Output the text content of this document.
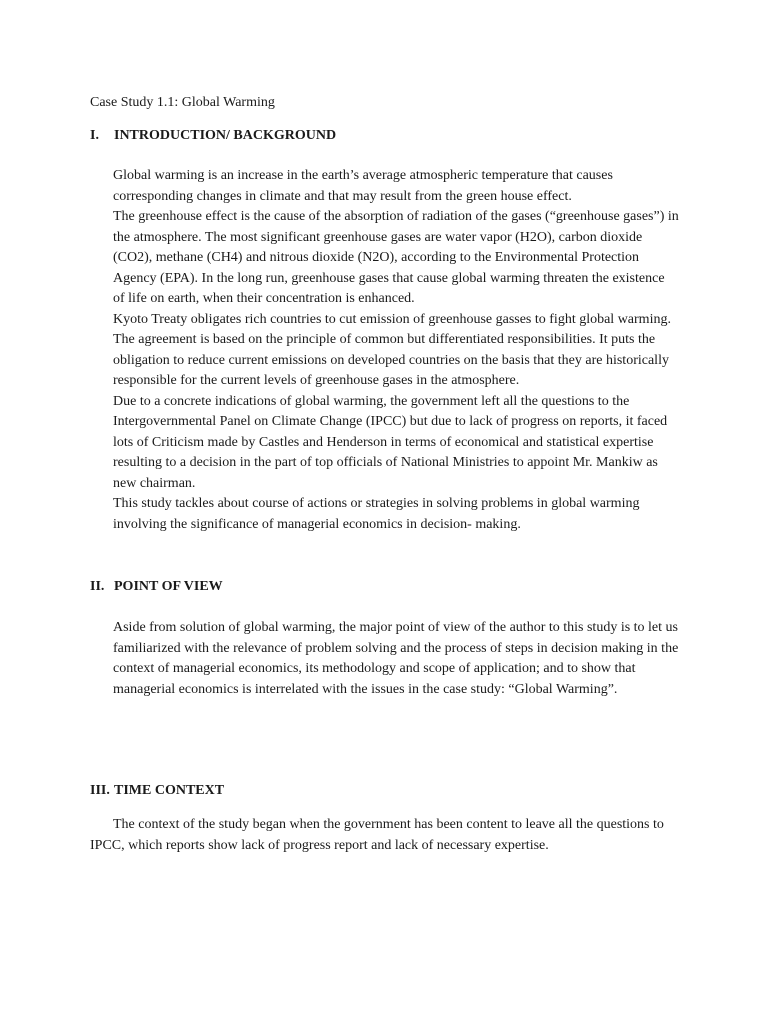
Case Study 1.1: Global Warming
I. INTRODUCTION/ BACKGROUND

Global warming is an increase in the earth’s average atmospheric temperature that causes corresponding changes in climate and that may result from the green house effect.

The greenhouse effect is the cause of the absorption of radiation of the gases (“greenhouse gases”) in the atmosphere. The most significant greenhouse gases are water vapor (H2O), carbon dioxide (CO2), methane (CH4) and nitrous dioxide (N2O), according to the Environmental Protection Agency (EPA). In the long run, greenhouse gases that cause global warming threaten the existence of life on earth, when their concentration is enhanced.

Kyoto Treaty obligates rich countries to cut emission of greenhouse gasses to fight global warming. The agreement is based on the principle of common but differentiated responsibilities. It puts the obligation to reduce current emissions on developed countries on the basis that they are historically responsible for the current levels of greenhouse gases in the atmosphere.

Due to a concrete indications of global warming, the government left all the questions to the Intergovernmental Panel on Climate Change (IPCC) but due to lack of progress on reports, it faced lots of Criticism made by Castles and Henderson in terms of economical and statistical expertise resulting to a decision in the part of top officials of National Ministries to appoint Mr. Mankiw as new chairman.

This study tackles about course of actions or strategies in solving problems in global warming involving the significance of managerial economics in decision- making.

II. POINT OF VIEW

Aside from solution of global warming, the major point of view of the author to this study is to let us familiarized with the relevance of problem solving and the process of steps in decision making in the context of managerial economics, its methodology and scope of application; and to show that managerial economics is interrelated with the issues in the case study: “Global Warming”.

III. TIME CONTEXT

The context of the study began when the government has been content to leave all the questions to IPCC, which reports show lack of progress report and lack of necessary expertise.
